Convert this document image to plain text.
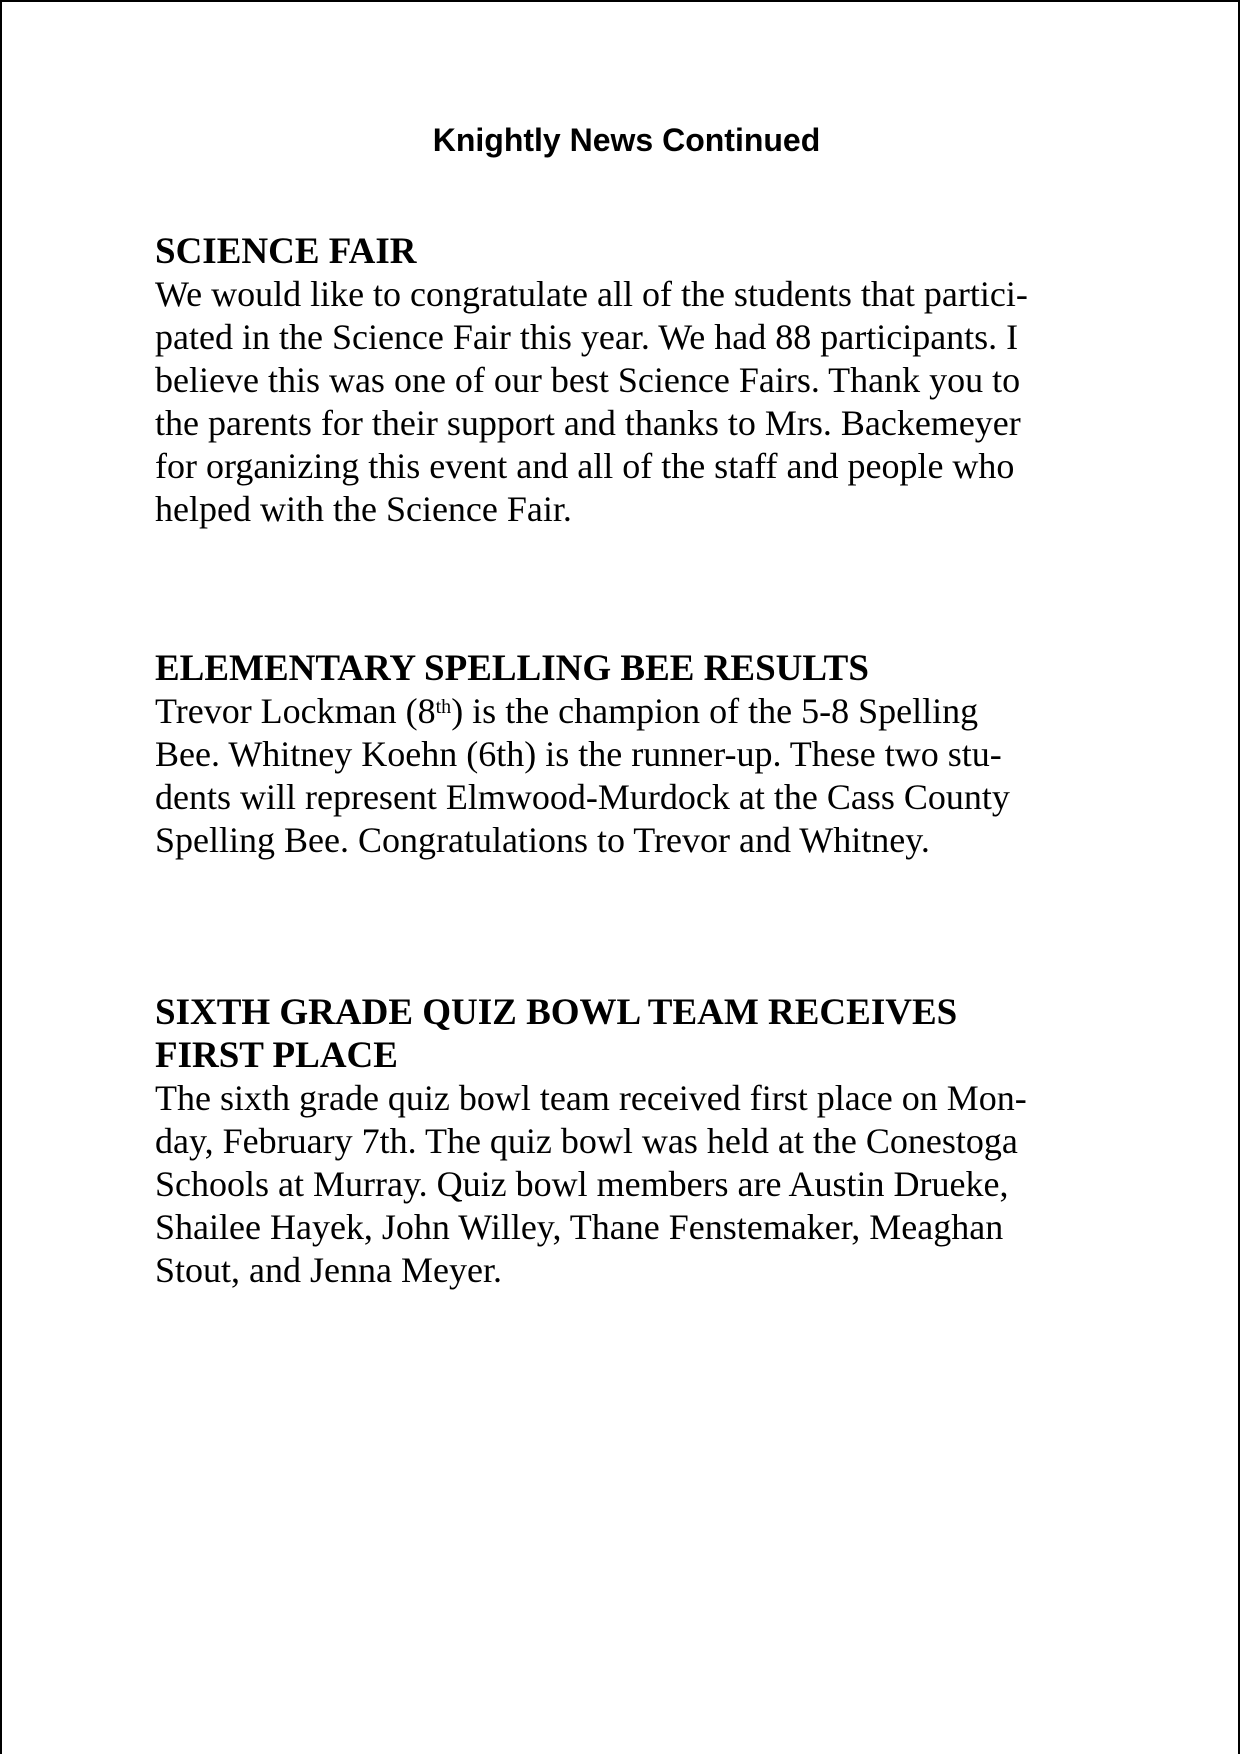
Knightly News Continued
SCIENCE FAIR

We would like to congratulate all of the students that partici-
pated in the Science Fair this year. We had 88 participants. I
believe this was one of our best Science Fairs. Thank you to
the parents for their support and thanks to Mrs. Backemeyer
for organizing this event and all of the staff and people who
helped with the Science Fair.

ELEMENTARY SPELLING BEE RESULTS

Trevor Lockman (8th) is the champion of the 5-8 Spelling
Bee. Whitney Koehn (6th) is the runner-up. These two stu-
dents will represent Elmwood-Murdock at the Cass County
Spelling Bee. Congratulations to Trevor and Whitney.

SIXTH GRADE QUIZ BOWL TEAM RECEIVES
FIRST PLACE

The sixth grade quiz bowl team received first place on Mon-
day, February 7th. The quiz bowl was held at the Conestoga
Schools at Murray. Quiz bowl members are Austin Drueke,
Shailee Hayek, John Willey, Thane Fenstemaker, Meaghan
Stout, and Jenna Meyer.
